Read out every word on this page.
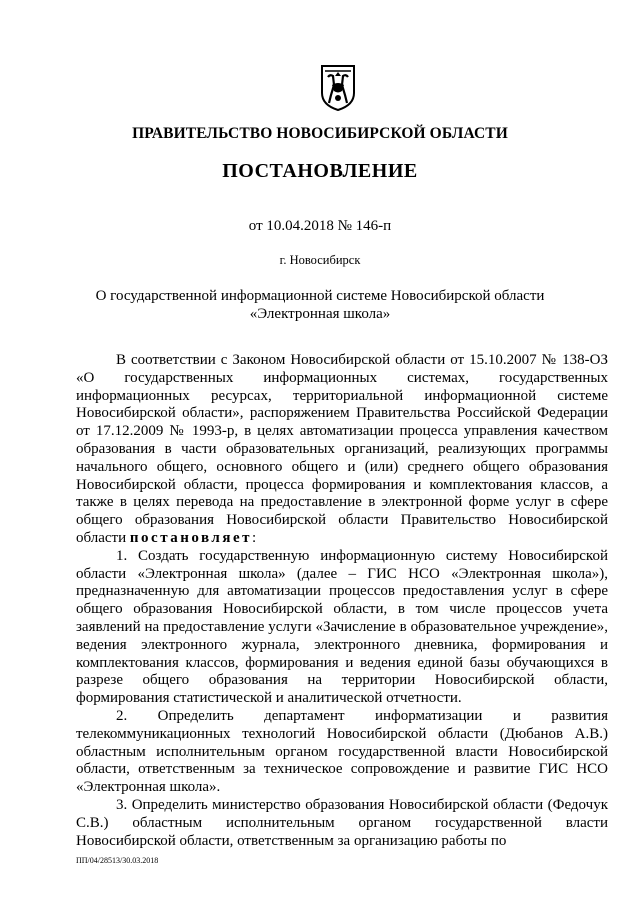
ПРАВИТЕЛЬСТВО НОВОСИБИРСКОЙ ОБЛАСТИ
ПОСТАНОВЛЕНИЕ
от 10.04.2018 № 146-п
г. Новосибирск
О государственной информационной системе Новосибирской области
«Электронная школа»

В соответствии с Законом Новосибирской области от 15.10.2007 № 138-ОЗ «О государственных информационных системах, государственных информационных ресурсах, территориальной информационной системе Новосибирской области», распоряжением Правительства Российской Федерации от 17.12.2009 № 1993-р, в целях автоматизации процесса управления качеством образования в части образовательных организаций, реализующих программы начального общего, основного общего и (или) среднего общего образования Новосибирской области, процесса формирования и комплектования классов, а также в целях перевода на предоставление в электронной форме услуг в сфере общего образования Новосибирской области Правительство Новосибирской области постановляет:

1. Создать государственную информационную систему Новосибирской области «Электронная школа» (далее – ГИС НСО «Электронная школа»), предназначенную для автоматизации процессов предоставления услуг в сфере общего образования Новосибирской области, в том числе процессов учета заявлений на предоставление услуги «Зачисление в образовательное учреждение», ведения электронного журнала, электронного дневника, формирования и комплектования классов, формирования и ведения единой базы обучающихся в разрезе общего образования на территории Новосибирской области, формирования статистической и аналитической отчетности.

2. Определить департамент информатизации и развития телекоммуникационных технологий Новосибирской области (Дюбанов А.В.) областным исполнительным органом государственной власти Новосибирской области, ответственным за техническое сопровождение и развитие ГИС НСО «Электронная школа».

3. Определить министерство образования Новосибирской области (Федочук С.В.) областным исполнительным органом государственной власти Новосибирской области, ответственным за организацию работы по

ПП/04/28513/30.03.2018
